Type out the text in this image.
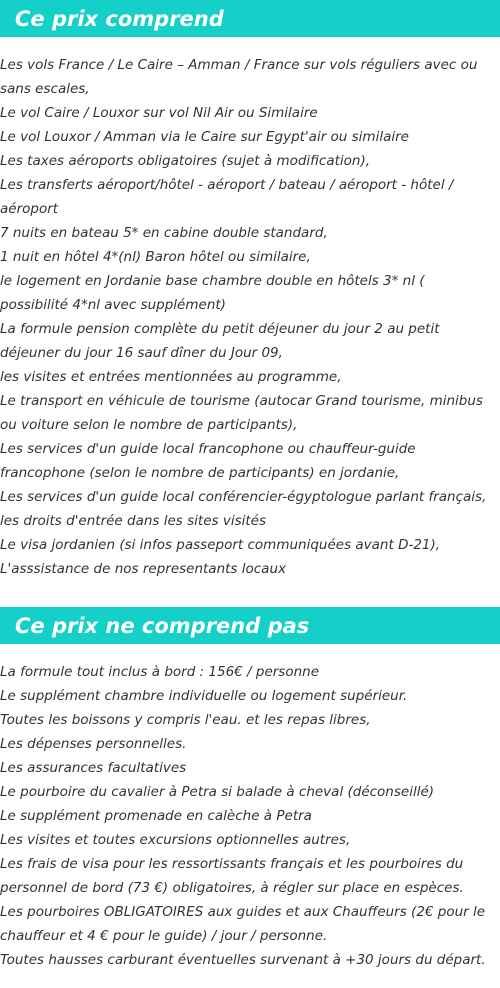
Ce prix comprend
Les vols France / Le Caire – Amman / France sur vols réguliers avec ou sans escales,
Le vol Caire / Louxor sur vol Nil Air ou Similaire
Le vol Louxor / Amman via le Caire sur Egypt'air ou similaire
Les taxes aéroports obligatoires (sujet à modification),
Les transferts aéroport/hôtel - aéroport / bateau / aéroport - hôtel / aéroport
7 nuits en bateau 5* en cabine double standard,
1 nuit en hôtel 4*(nl) Baron hôtel ou similaire,
le logement en Jordanie base chambre double en hôtels 3* nl ( possibilité 4*nl avec supplément)
La formule pension complète du petit déjeuner du jour 2 au petit déjeuner du jour 16 sauf dîner du Jour 09,
les visites et entrées mentionnées au programme,
Le transport en véhicule de tourisme (autocar Grand tourisme, minibus ou voiture selon le nombre de participants),
Les services d'un guide local francophone ou chauffeur-guide francophone (selon le nombre de participants) en jordanie,
Les services d'un guide local conférencier-égyptologue parlant français, les droits d'entrée dans les sites visités
Le visa jordanien (si infos passeport communiquées avant D-21),
L'asssistance de nos representants locaux
Ce prix ne comprend pas
La formule tout inclus à bord : 156€ / personne
Le supplément chambre individuelle ou logement supérieur.
Toutes les boissons y compris l'eau. et les repas libres,
Les dépenses personnelles.
Les assurances facultatives
Le pourboire du cavalier à Petra si balade à cheval (déconseillé)
Le supplément promenade en calèche à Petra
Les visites et toutes excursions optionnelles autres,
Les frais de visa pour les ressortissants français et les pourboires du personnel de bord (73 €) obligatoires, à régler sur place en espèces.
Les pourboires OBLIGATOIRES aux guides et aux Chauffeurs (2€ pour le chauffeur et 4 € pour le guide) / jour / personne.
Toutes hausses carburant éventuelles survenant à +30 jours du départ.
